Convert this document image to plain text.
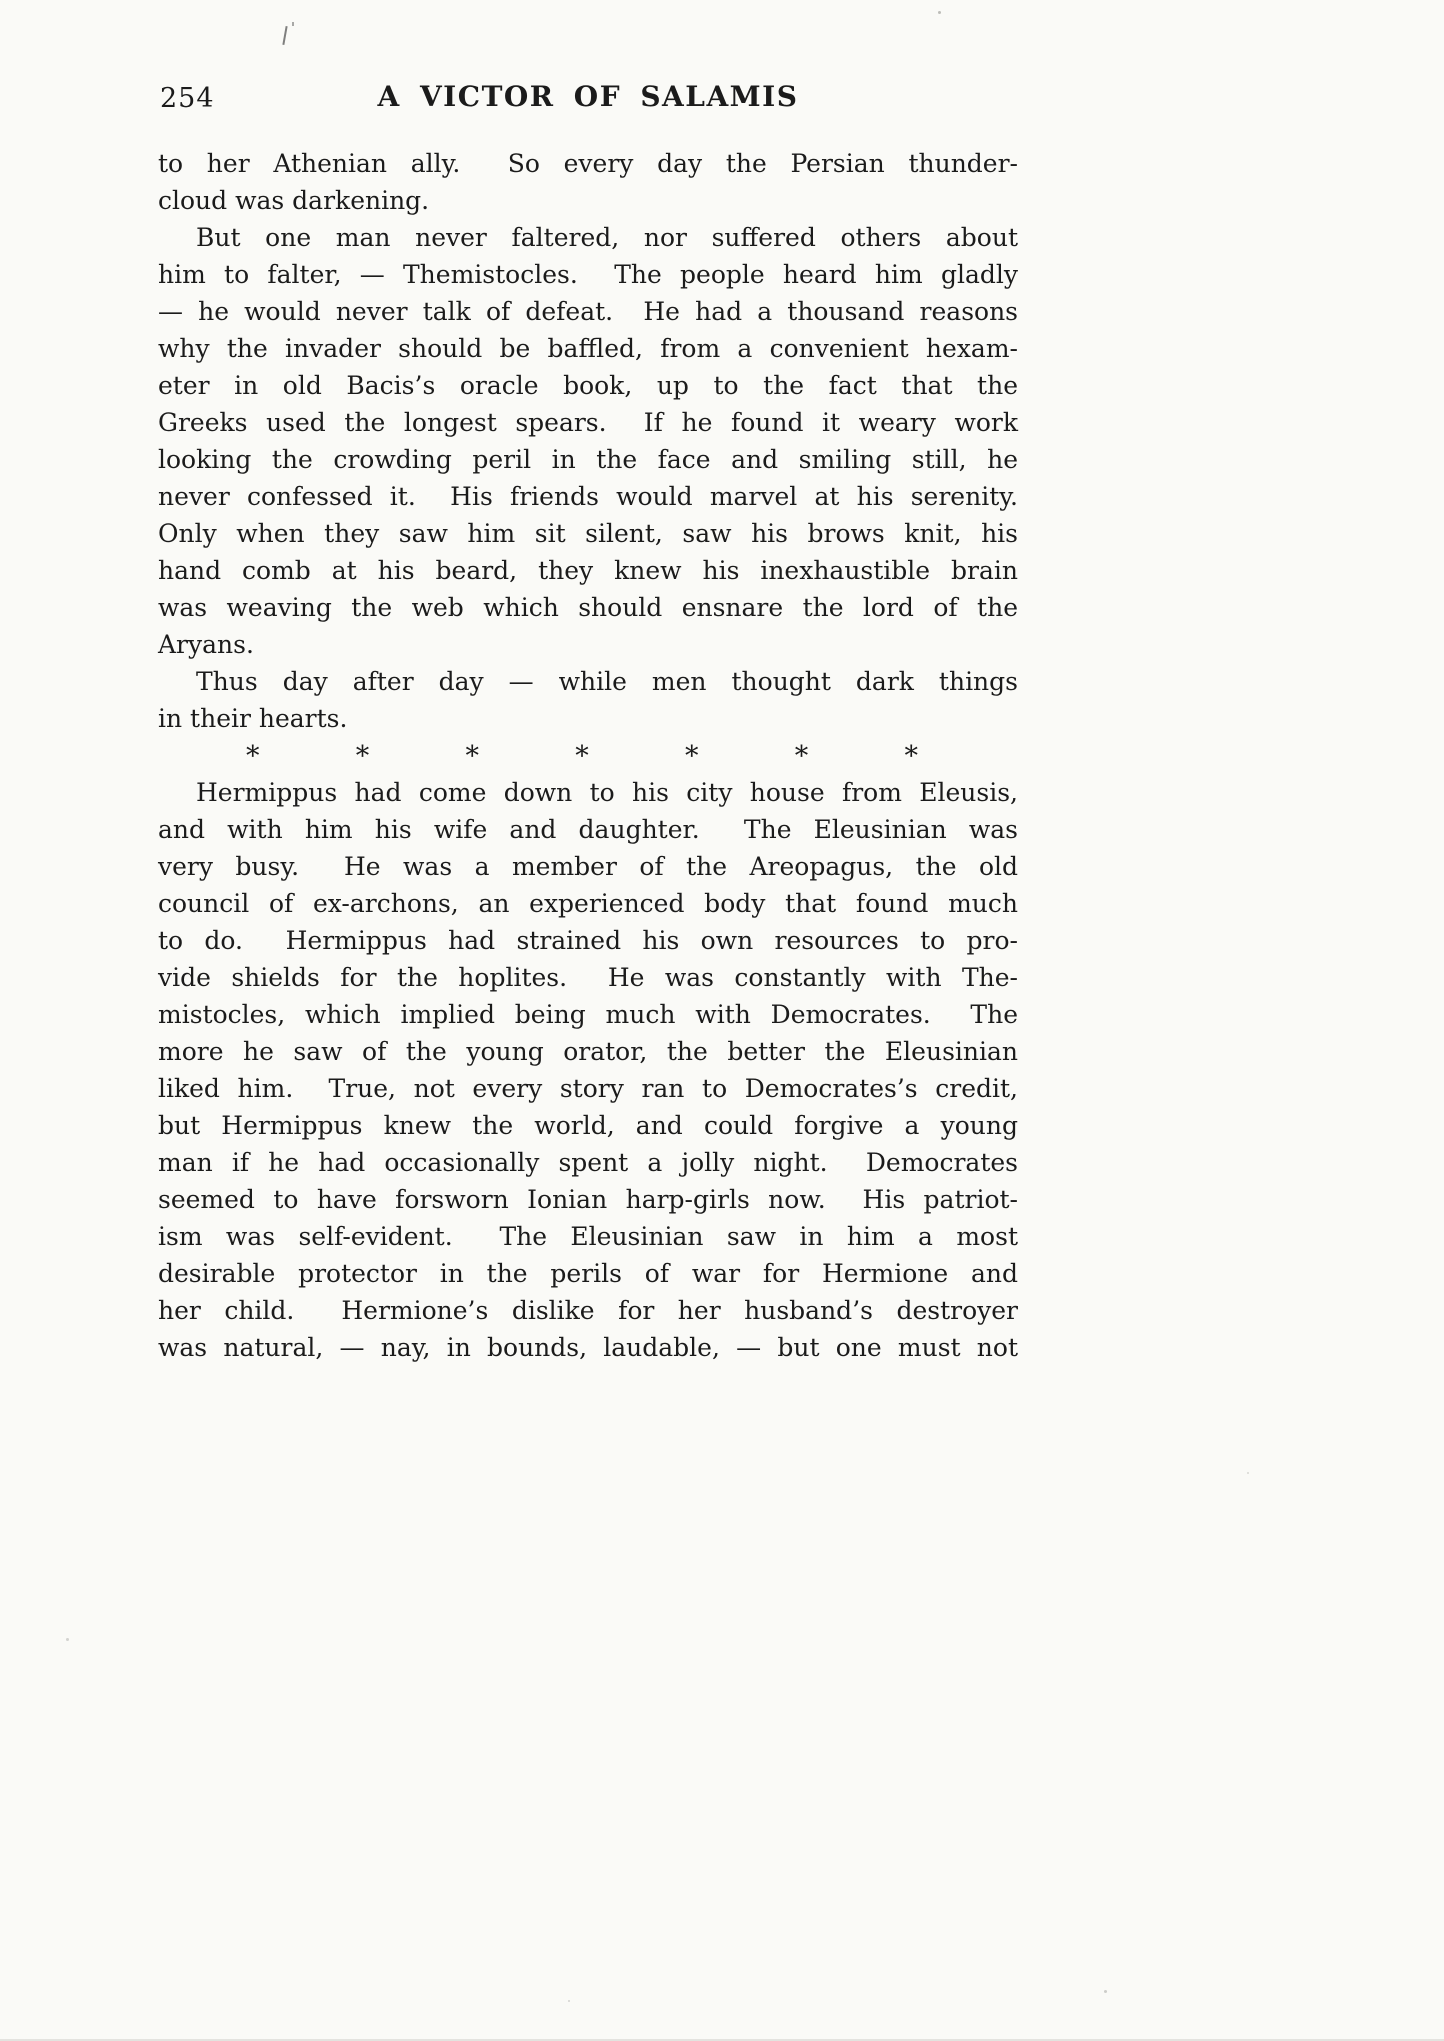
254	A VICTOR OF SALAMIS
to her Athenian ally.  So every day the Persian thunder-
cloud was darkening.
But one man never faltered, nor suffered others about
him to falter, — Themistocles.  The people heard him gladly
— he would never talk of defeat.  He had a thousand reasons
why the invader should be baffled, from a convenient hexam-
eter in old Bacis’s oracle book, up to the fact that the
Greeks used the longest spears.  If he found it weary work
looking the crowding peril in the face and smiling still, he
never confessed it.  His friends would marvel at his serenity.
Only when they saw him sit silent, saw his brows knit, his
hand comb at his beard, they knew his inexhaustible brain
was weaving the web which should ensnare the lord of the
Aryans.
Thus day after day — while men thought dark things
in their hearts.
*	*	*	*	*	*	*
Hermippus had come down to his city house from Eleusis,
and with him his wife and daughter.  The Eleusinian was
very busy.  He was a member of the Areopagus, the old
council of ex-archons, an experienced body that found much
to do.  Hermippus had strained his own resources to pro-
vide shields for the hoplites.  He was constantly with The-
mistocles, which implied being much with Democrates.  The
more he saw of the young orator, the better the Eleusinian
liked him.  True, not every story ran to Democrates’s credit,
but Hermippus knew the world, and could forgive a young
man if he had occasionally spent a jolly night.  Democrates
seemed to have forsworn Ionian harp-girls now.  His patriot-
ism was self-evident.  The Eleusinian saw in him a most
desirable protector in the perils of war for Hermione and
her child.  Hermione’s dislike for her husband’s destroyer
was natural, — nay, in bounds, laudable, — but one must not
